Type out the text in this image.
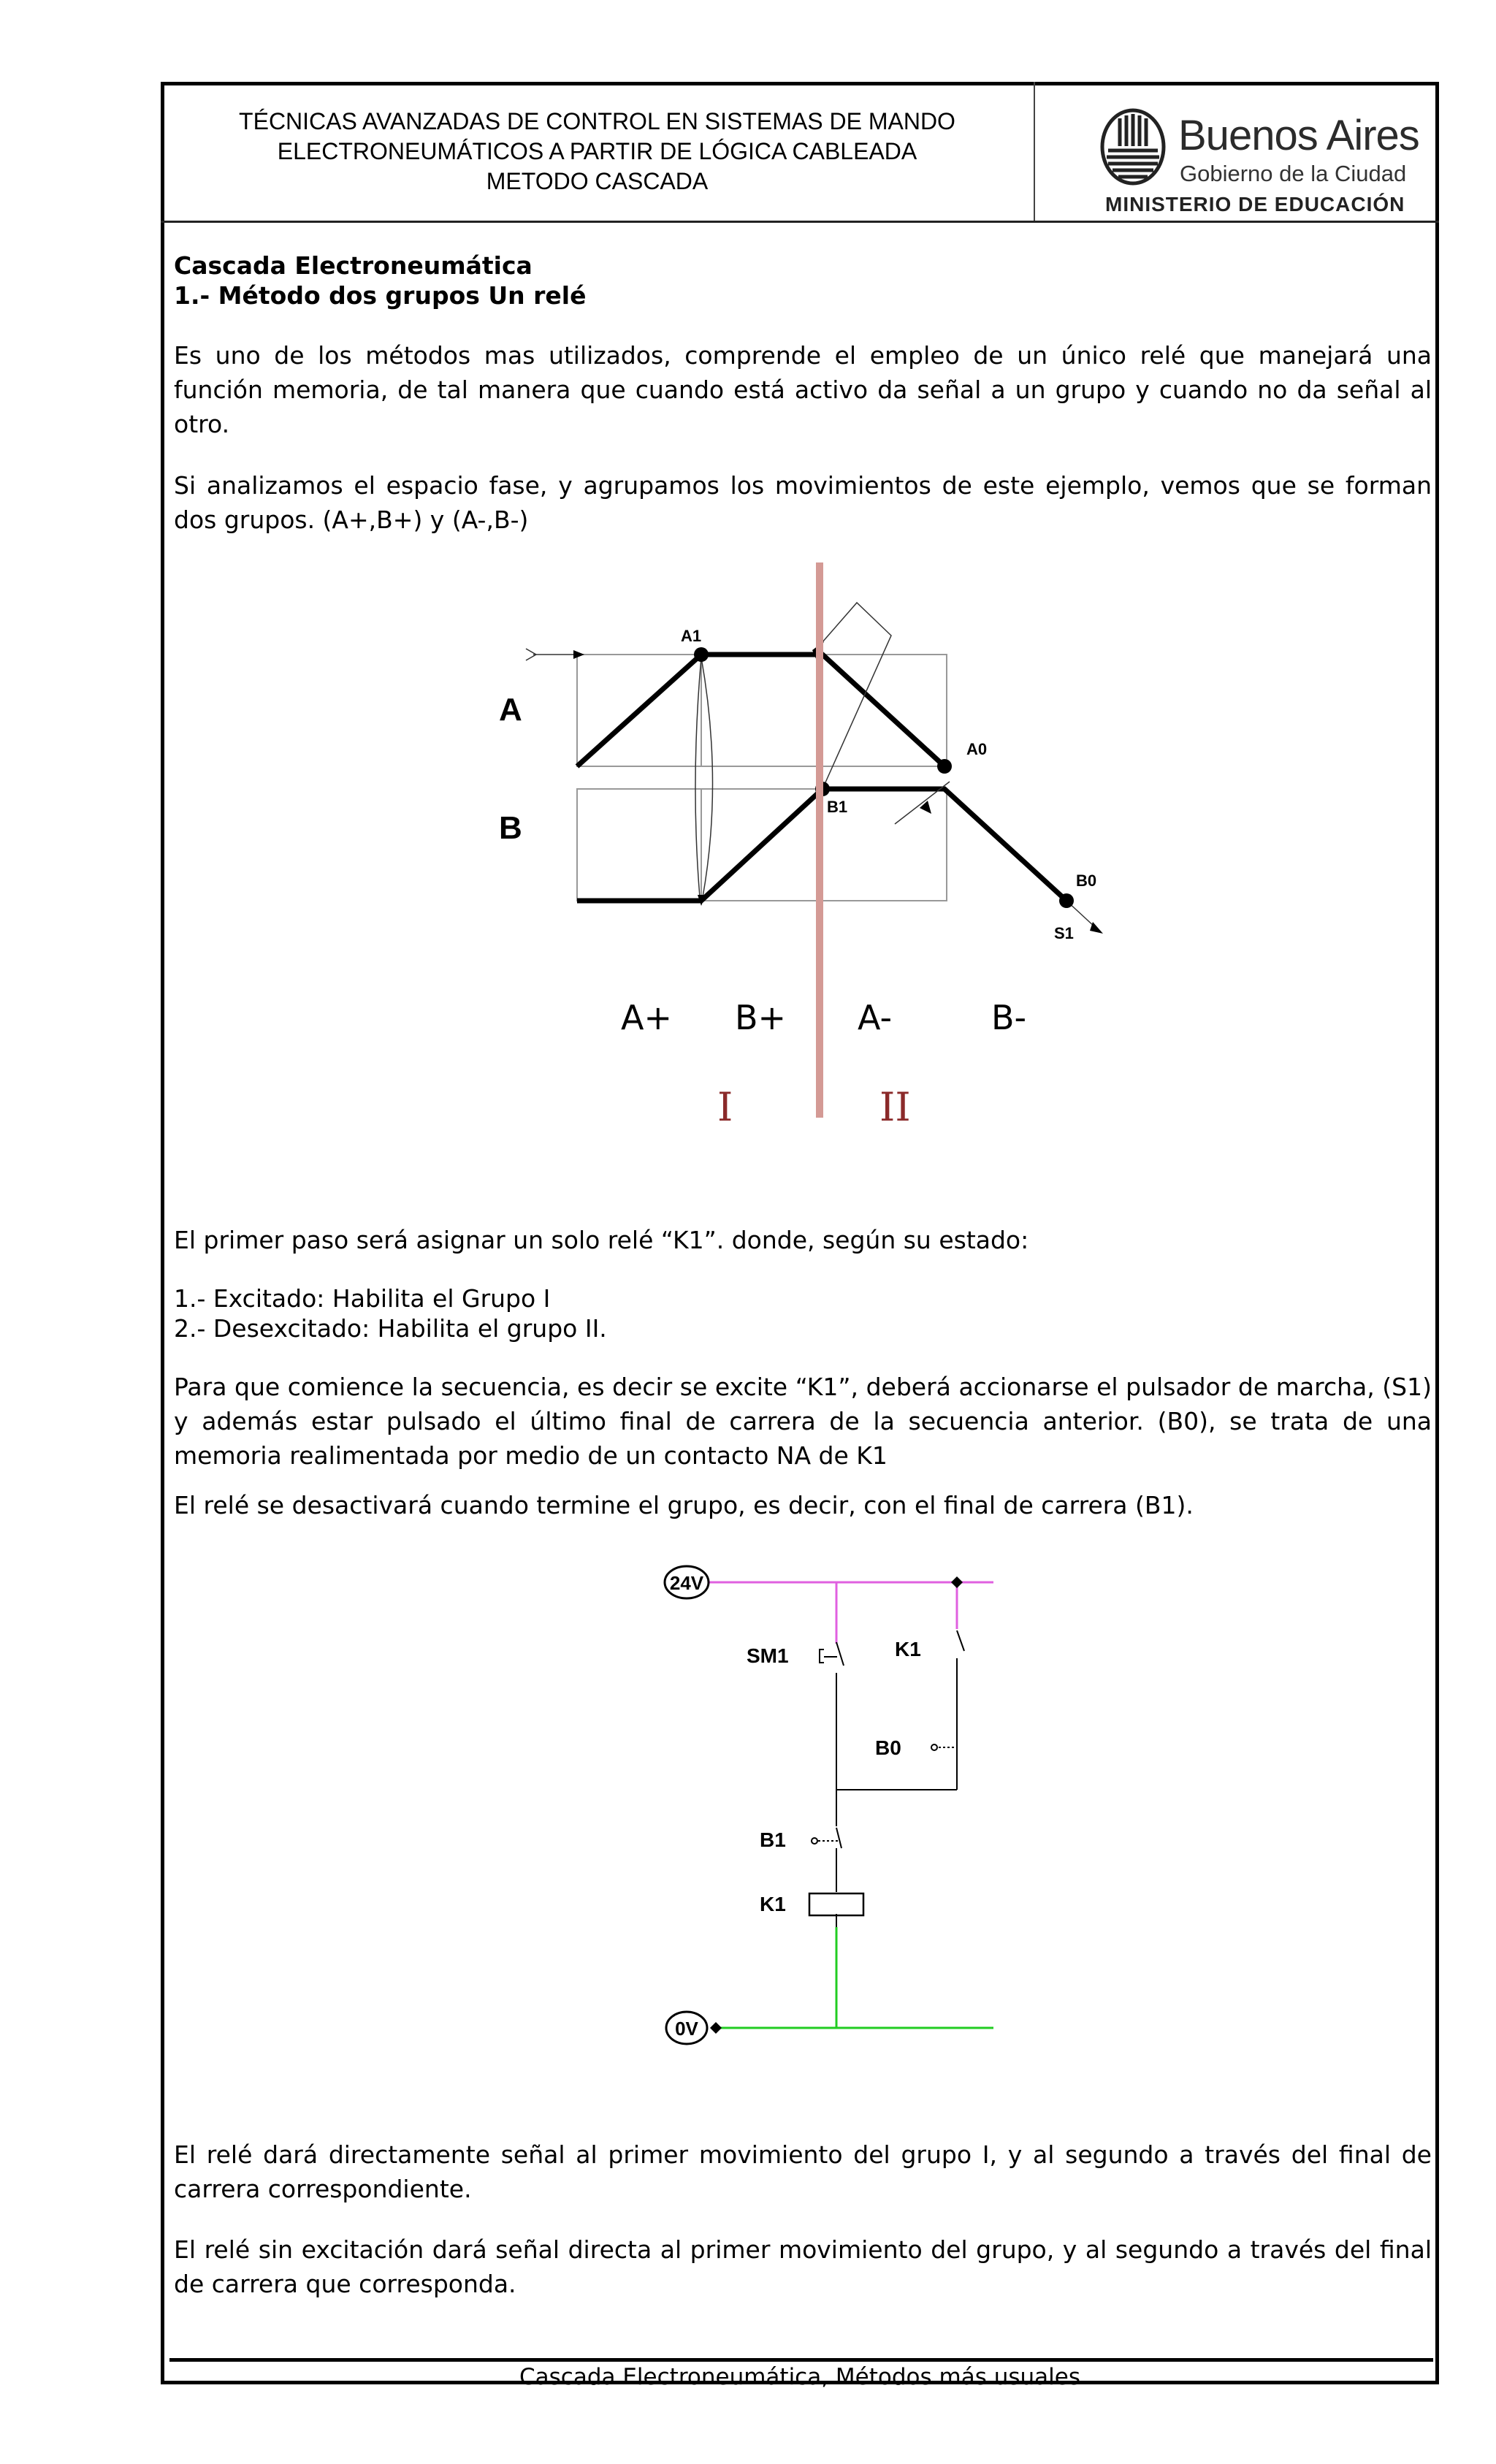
TÉCNICAS AVANZADAS DE CONTROL EN SISTEMAS DE MANDO
ELECTRONEUMÁTICOS A PARTIR DE LÓGICA CABLEADA
METODO CASCADA
Buenos Aires
Gobierno de la Ciudad
MINISTERIO DE EDUCACIÓN
Cascada Electroneumática
1.- Método dos grupos Un relé
Es uno de los métodos mas utilizados, comprende el empleo de un único relé que manejará una función memoria, de tal manera que cuando está activo da señal a un grupo y cuando no da señal al otro.
Si analizamos el espacio fase, y agrupamos los movimientos de este ejemplo, vemos que se forman dos grupos. (A+,B+) y (A-,B-)
A1
A0
B1
B0
S1
A
B
A+ B+ A-	B-
I	II
El primer paso será asignar un solo relé “K1”. donde, según su estado:
1.- Excitado: Habilita el Grupo I
2.- Desexcitado: Habilita el grupo II.
Para que comience la secuencia, es decir se excite “K1”, deberá accionarse el pulsador de marcha, (S1) y además estar pulsado el último final de carrera de la secuencia anterior. (B0), se trata de una memoria realimentada por medio de un contacto NA de K1
El relé se desactivará cuando termine el grupo, es decir, con el final de carrera (B1).
24V
0V
SM1	K1
B0
B1
K1
El relé dará directamente señal al primer movimiento del grupo I, y al segundo a través del final de carrera correspondiente.
El relé sin excitación dará señal directa al primer movimiento del grupo, y al segundo a través del final de carrera que corresponda.
Cascada Electroneumática, Métodos más usuales
